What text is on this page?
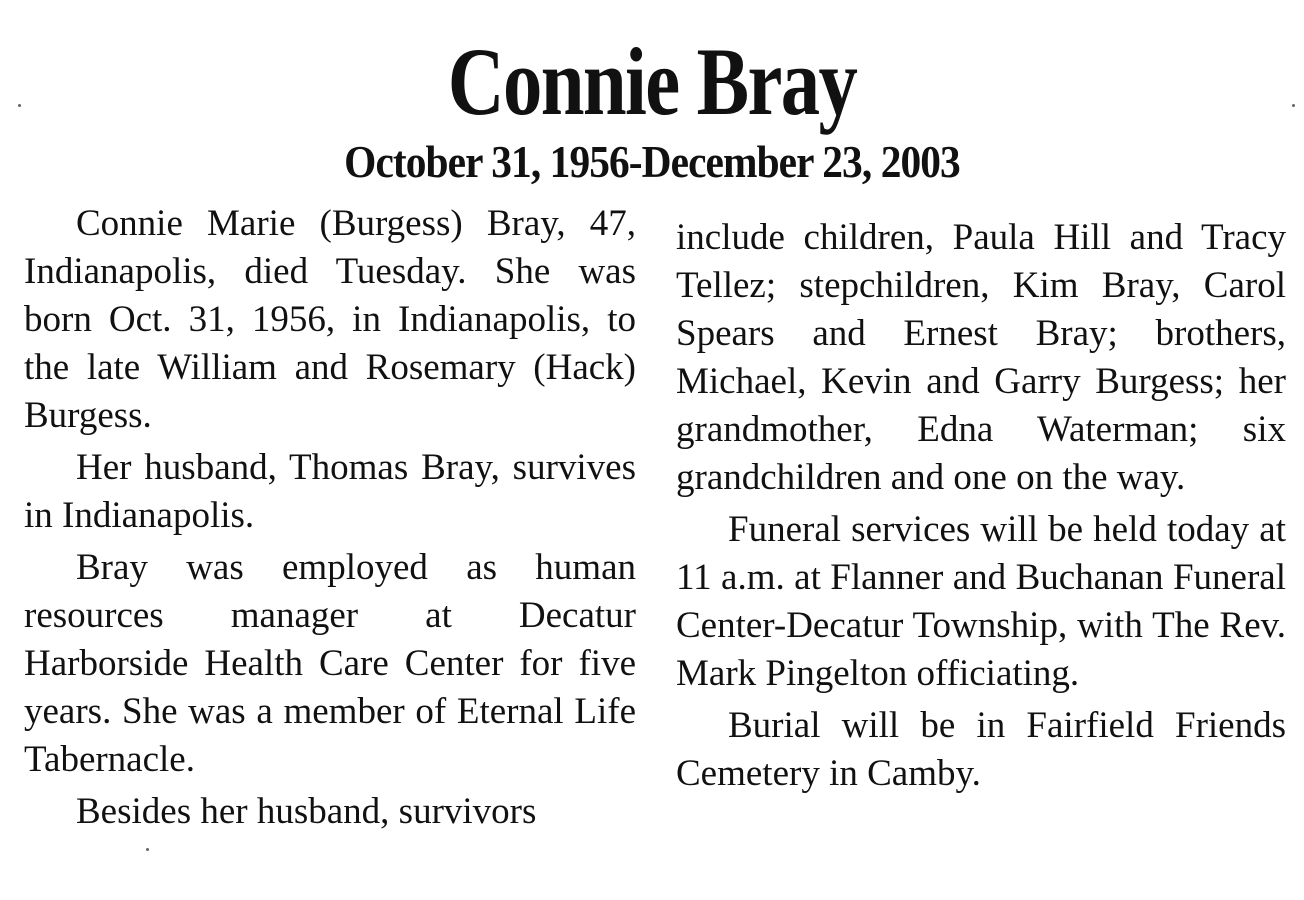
Connie Bray
October 31, 1956-December 23, 2003

Connie Marie (Burgess) Bray, 47, Indianapolis, died Tuesday. She was born Oct. 31, 1956, in Indianapolis, to the late William and Rosemary (Hack) Burgess.

Her husband, Thomas Bray, survives in Indianapolis.

Bray was employed as human resources manager at Decatur Harborside Health Care Center for five years. She was a member of Eternal Life Tabernacle.

Besides her husband, survivors

include children, Paula Hill and Tracy Tellez; stepchildren, Kim Bray, Carol Spears and Ernest Bray; brothers, Michael, Kevin and Garry Burgess; her grandmother, Edna Waterman; six grandchildren and one on the way.

Funeral services will be held today at 11 a.m. at Flanner and Buchanan Funeral Center-Decatur Township, with The Rev. Mark Pingelton officiating.

Burial will be in Fairfield Friends Cemetery in Camby.
